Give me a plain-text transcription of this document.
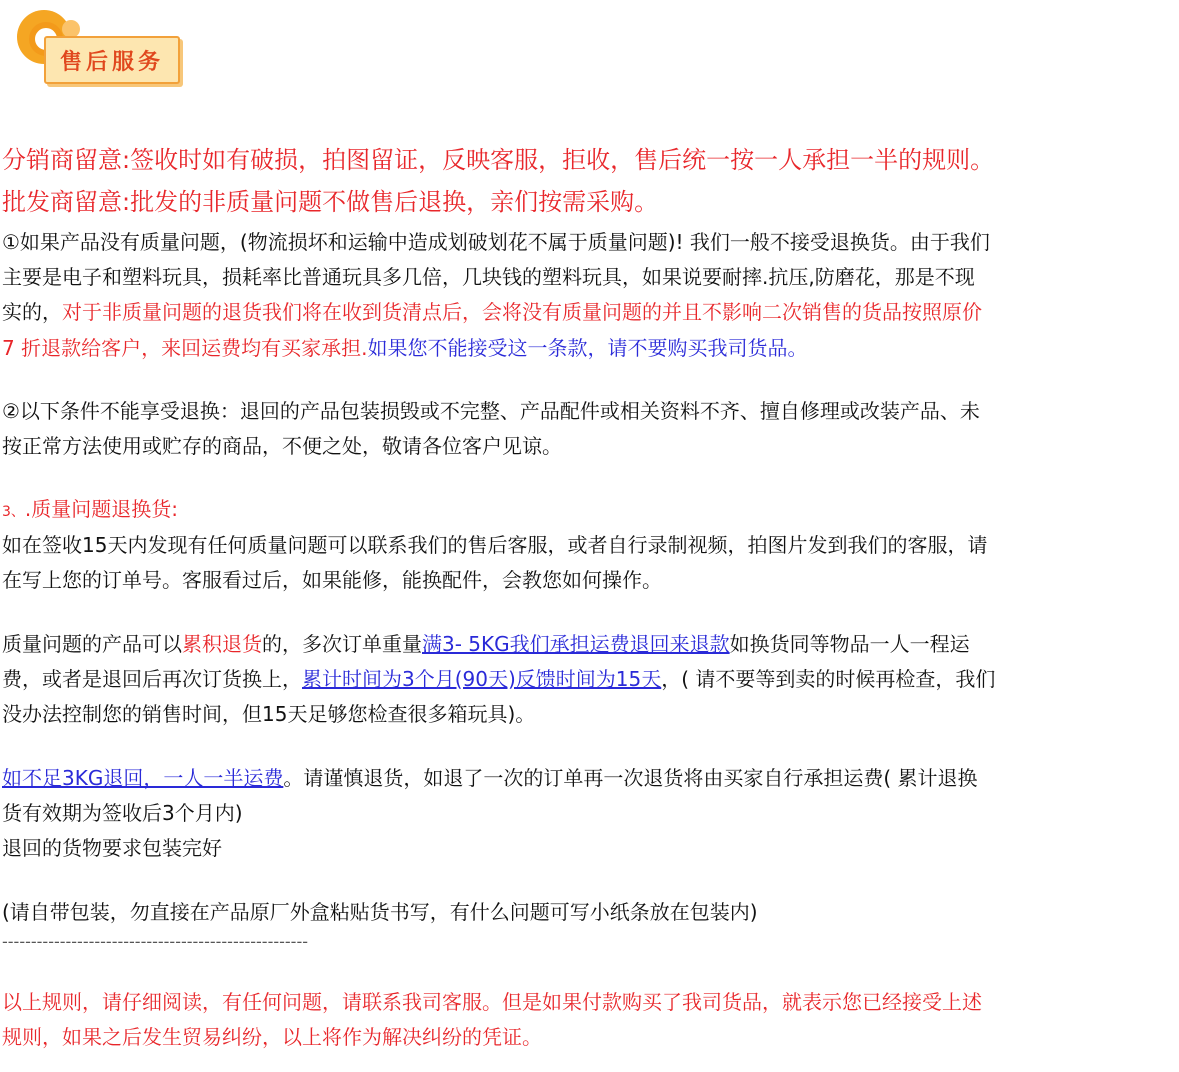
售后服务
分销商留意:签收时如有破损，拍图留证，反映客服，拒收，售后统一按一人承担一半的规则。
批发商留意:批发的非质量问题不做售后退换，亲们按需采购。
①如果产品没有质量问题，(物流损坏和运输中造成划破划花不属于质量问题)! 我们一般不接受退换货。由于我们
主要是电子和塑料玩具，损耗率比普通玩具多几倍，几块钱的塑料玩具，如果说要耐摔.抗压,防磨花，那是不现
实的，对于非质量问题的退货我们将在收到货清点后，会将没有质量问题的并且不影响二次销售的货品按照原价
7 折退款给客户，来回运费均有买家承担.如果您不能接受这一条款，请不要购买我司货品。
②以下条件不能享受退换：退回的产品包装损毁或不完整、产品配件或相关资料不齐、擅自修理或改装产品、未
按正常方法使用或贮存的商品，不便之处，敬请各位客户见谅。
3、.质量问题退换货:
如在签收15天内发现有任何质量问题可以联系我们的售后客服，或者自行录制视频，拍图片发到我们的客服，请
在写上您的订单号。客服看过后，如果能修，能换配件，会教您如何操作。
质量问题的产品可以累积退货的，多次订单重量满3- 5KG我们承担运费退回来退款如换货同等物品一人一程运
费，或者是退回后再次订货换上，累计时间为3个月(90天)反馈时间为15天，( 请不要等到卖的时候再检查，我们
没办法控制您的销售时间，但15天足够您检查很多箱玩具)。
如不足3KG退回，一人一半运费。请谨慎退货，如退了一次的订单再一次退货将由买家自行承担运费( 累计退换
货有效期为签收后3个月内)
退回的货物要求包装完好
(请自带包装，勿直接在产品原厂外盒粘贴货书写，有什么问题可写小纸条放在包装内)
-----------------------------------------------------
以上规则，请仔细阅读，有任何问题，请联系我司客服。但是如果付款购买了我司货品，就表示您已经接受上述
规则，如果之后发生贸易纠纷，以上将作为解决纠纷的凭证。
